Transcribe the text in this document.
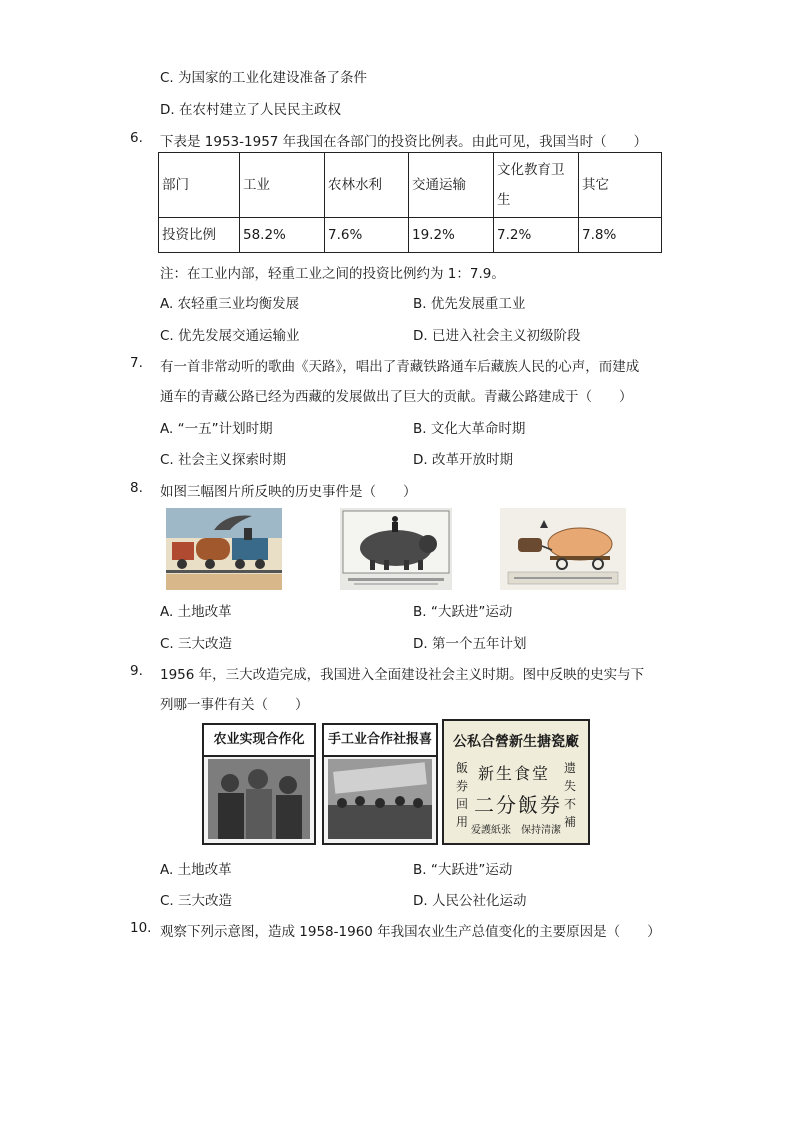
C. 为国家的工业化建设准备了条件
D. 在农村建立了人民民主政权
6. 下表是 1953-1957 年我国在各部门的投资比例表。由此可见，我国当时（　　）
部门	工业	农林水利	交通运输	文化教育卫生	其它
投资比例	58.2%	7.6%	19.2%	7.2%	7.8%
注：在工业内部，轻重工业之间的投资比例约为 1：7.9。
A. 农轻重三业均衡发展	B. 优先发展重工业
C. 优先发展交通运输业	D. 已进入社会主义初级阶段
7. 有一首非常动听的歌曲《天路》，唱出了青藏铁路通车后藏族人民的心声，而建成
通车的青藏公路已经为西藏的发展做出了巨大的贡献。青藏公路建成于（　　）
A. “一五”计划时期	B. 文化大革命时期
C. 社会主义探索时期	D. 改革开放时期
8. 如图三幅图片所反映的历史事件是（　　）
A. 土地改革	B. “大跃进”运动
C. 三大改造	D. 第一个五年计划
9. 1956 年，三大改造完成，我国进入全面建设社会主义时期。图中反映的史实与下
列哪一事件有关（　　）
农业实现合作化	手工业合作社报喜	公私合營新生搪瓷廠
飯
券
回
用
新生食堂
二分飯券
遗
失
不
補
爱護紙张　保持清潔
A. 土地改革	B. “大跃进”运动
C. 三大改造	D. 人民公社化运动
10. 观察下列示意图，造成 1958-1960 年我国农业生产总值变化的主要原因是（　　）
